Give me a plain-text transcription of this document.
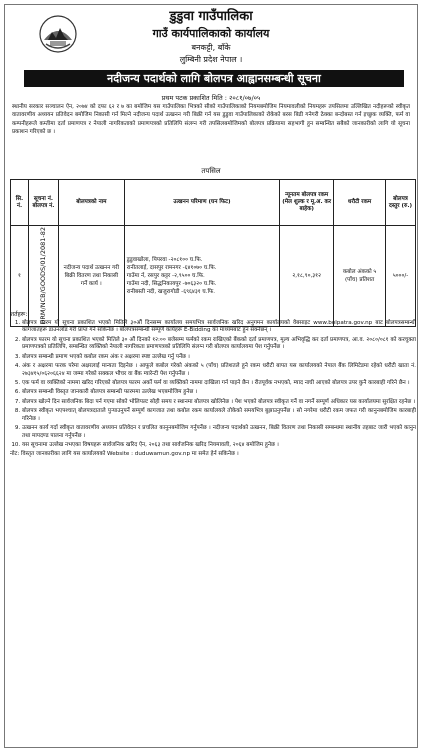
डुडुवा गाउँपालिका
गाउँ कार्यपालिकाको कार्यालय
बनकट्टी, बाँके
लुम्बिनी प्रदेश नेपाल ।
नदीजन्य पदार्थको लागि बोलपत्र आह्वानसम्बन्धी सूचना
प्रथम पटक प्रकाशित मिति : २०८१/०७/०५
स्थानीय सरकार सञ्चालन ऐन, २०७४ को दफा ६२ र ७ का बमोजिम यस गाउँपालिका भित्रको सीको गाउँपालिकाको नियमबमोजिम नियमावलीको नियमहरू तपसिलमा उल्लिखित नदीहरूको स्वीकृत वातावरणीय अध्ययन प्रतिवेदन बमोजिम निकासी गर्न मिल्ने नदीजन्य पदार्थ उत्खनन गरी बिक्री गर्न यस डुडुवा गाउँपालिकाको रोकेको बरस बिडी गनेगरी ठेक्का बन्दोबस्त गर्न इच्छुक व्यक्ति, फर्म वा कम्पनीहरूले कम्तीमा दर्ता प्रमाणपत्र र नेपाली नागरिकताको प्रमाणपत्रको प्रतिलिपि संलग्न गरी तपसिलबमोजिमको बोलपत्र प्रक्रियामा सहभागी हुन सम्बन्धित सबैको जानकारीको लागि यो सूचना प्रकाशन गरिएको छ ।
तपसिल
सि. नं.	सूचना नं. बोलपत्र नं.	बोलपत्रको नाम	उत्खनन परिमाण (घन फिट)	न्यूनतम बोलपत्र रकम (मेल शुल्क र मू.अ. कर बाहेक)	धरौटी रकम	बोलपत्र दस्तुर (रु.)
१	DRM/NCB/GOODS/01/2081-82	नदीजन्य पदार्थ उत्खनन गरी बिक्री वितरण तथा निकासी गर्ने कार्य ।	डुडुवाखोला, पिपरवा -२०८१०० घ.फि.
रानीतलाई, दासपुर रामनगर -६४१०७० घ.फि.
गाउँमा र्न, रसपुर कट्टर -२,९५०० घ.फि.
गाउँमा नदी, सिद्धनिकायपुर -७०६३२० घ.फि.
रानीबस्ती नदी, खजुरागोडी -६९६४३१ घ.फि.	२,१८,९०,३१२	कबोल अंकको ५ (पाँच) प्रतिशत	५०००/-
शर्तहरू:
1. बोलपत्र फारम यो सूचना प्रकाशित भएको मितिले ३०औं दिनसम्म कार्यालय समयभित्र सार्वजनिक खरिद अनुगमन कार्यालयको वेबसाइट www.bolpatra.gov.np बाट बोलपत्रसम्बन्धी कागजातहरू डाउनलोड गरी प्राप्त गर्न सकिनेछ । बोलपत्रसम्बन्धी सम्पूर्ण कार्यहरू E-Bidding का माध्यमबाट हुन सक्नेछन् ।
2. बोलपत्र फारम यो सूचना प्रकाशित भएको मितिले ३० औं दिनको १२:०० बजेसम्म फर्मको रकम राखिएको बैंकको दर्ता प्रमाणपत्र, मूल्य अभिवृद्धि कर दर्ता प्रमाणपत्र, आ.व. २०८०/०८१ को करचुक्ता प्रमाणपत्रको प्रतिलिपि, सम्बन्धित व्यक्तिको नेपाली नागरिकता प्रमाणपत्रको प्रतिलिपि संलग्न गरी बोलपत्र कार्यालयमा पेश गर्नुपर्नेछ ।
3. बोलपत्र सम्बन्धी प्रमाण भएको कबोल रकम अंक र अक्षरमा स्पष्ट उल्लेख गर्नु पर्नेछ ।
4. अंक र अक्षरमा फरक परेमा अक्षरलाई मान्यता दिइनेछ । आफूले कबोल गरेको अंकको ५ (पाँच) प्रतिशतले हुने रकम धरौटी बापत यस कार्यालयको नेपाल बैंक लिमिटेडमा रहेको धरौटी खाता नं. २७३४१५/०६२०६६२४ मा जम्मा गरेको सक्कल भौचर वा बैंक ग्यारेन्टी पेश गर्नुपर्नेछ ।
5. एक फर्म वा व्यक्तिको नाममा खरिद गरिएको बोलपत्र फारम अर्को फर्म वा व्यक्तिको नाममा दाखिला गर्न पाइने छैन । रीतपूर्वक नभएको, म्याद नाघी आएको बोलपत्र उपर कुनै कारबाही गरिने छैन ।
6. बोलपत्र सम्बन्धी विस्तृत जानकारी बोलपत्र सम्बन्धी फारममा उल्लेख भएबमोजिम हुनेछ ।
7. बोलपत्र खोल्ने दिन सार्वजनिक बिदा पर्न गएमा सोको भोलिपल्ट सोही समय र स्थानमा बोलपत्र खोलिनेछ । पेश भएको बोलपत्र स्वीकृत गर्ने वा नगर्ने सम्पूर्ण अधिकार यस कार्यालयमा सुरक्षित रहनेछ ।
8. बोलपत्र स्वीकृत भएपश्चात् बोलपत्रदाताले पुर्‍याउनुपर्ने सम्पूर्ण कागजात तथा कबोल रकम कार्यालयले तोकेको समयभित्र बुझाउनुपर्नेछ । सो नगरेमा धरौटी रकम जफत गरी कानुनबमोजिम कारबाही गरिनेछ ।
9. उत्खनन कार्य गर्दा स्वीकृत वातावरणीय अध्ययन प्रतिवेदन र प्रचलित कानुनबमोजिम गर्नुपर्नेछ । नदीजन्य पदार्थको उत्खनन, बिक्री वितरण तथा निकासी सम्बन्धमा स्थानीय तहबाट जारी भएको कानुन तथा मापदण्ड पालना गर्नुपर्नेछ ।
10. यस सूचनामा उल्लेख नभएका विषयहरू सार्वजनिक खरिद ऐन, २०६३ तथा सार्वजनिक खरिद नियमावली, २०६४ बमोजिम हुनेछ ।
नोट: विस्तृत जानकारीका लागि यस कार्यालयको Website : duduwamun.gov.np मा समेत हेर्न सकिनेछ ।
